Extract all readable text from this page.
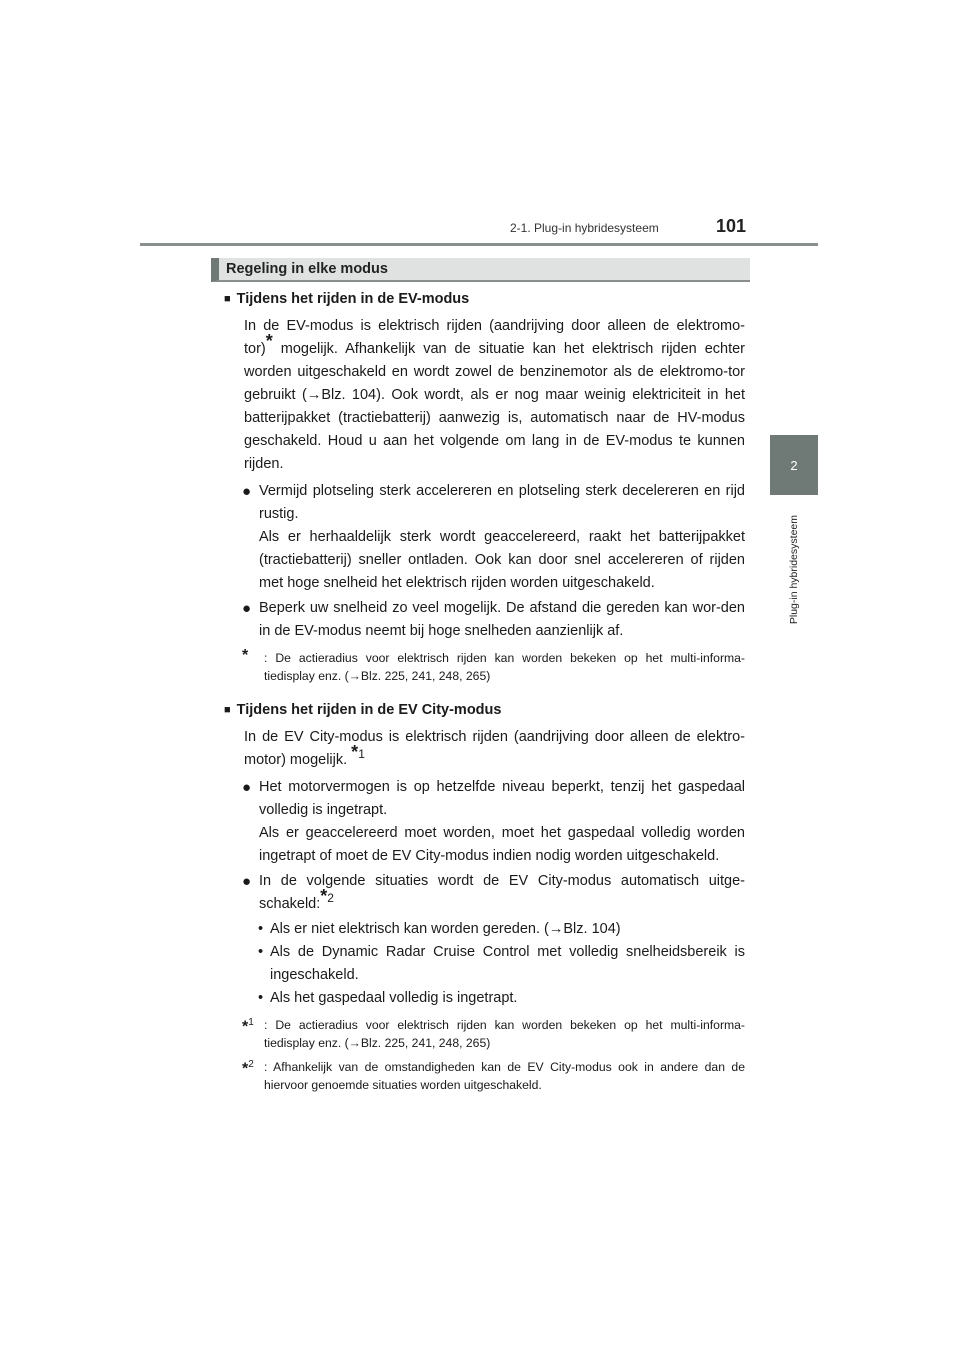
2-1. Plug-in hybridesysteem	101
2
Plug-in hybridesysteem
Regeling in elke modus
■ Tijdens het rijden in de EV-modus

In de EV-modus is elektrisch rijden (aandrijving door alleen de elektromo- tor)* mogelijk. Afhankelijk van de situatie kan het elektrisch rijden echter worden uitgeschakeld en wordt zowel de benzinemotor als de elektromo-tor gebruikt (→Blz. 104). Ook wordt, als er nog maar weinig elektriciteit in het batterijpakket (tractiebatterij) aanwezig is, automatisch naar de HV-modus geschakeld. Houd u aan het volgende om lang in de EV-modus te kunnen rijden.

● Vermijd plotseling sterk accelereren en plotseling sterk decelereren en rijd rustig.
Als er herhaaldelijk sterk wordt geaccelereerd, raakt het batterijpakket (tractiebatterij) sneller ontladen. Ook kan door snel accelereren of rijden met hoge snelheid het elektrisch rijden worden uitgeschakeld.
● Beperk uw snelheid zo veel mogelijk. De afstand die gereden kan wor-den in de EV-modus neemt bij hoge snelheden aanzienlijk af.
* : De actieradius voor elektrisch rijden kan worden bekeken op het multi-informa-tiedisplay enz. (→Blz. 225, 241, 248, 265)
■ Tijdens het rijden in de EV City-modus

In de EV City-modus is elektrisch rijden (aandrijving door alleen de elektro-motor) mogelijk. $^{*1}$

● Het motorvermogen is op hetzelfde niveau beperkt, tenzij het gaspedaal volledig is ingetrapt.
Als er geaccelereerd moet worden, moet het gaspedaal volledig worden ingetrapt of moet de EV City-modus indien nodig worden uitgeschakeld.
● In de volgende situaties wordt de EV City-modus automatisch uitge-schakeld:$^{*2}$
• Als er niet elektrisch kan worden gereden. (→Blz. 104)
• Als de Dynamic Radar Cruise Control met volledig snelheidsbereik is ingeschakeld.
• Als het gaspedaal volledig is ingetrapt.
*$^1$ : De actieradius voor elektrisch rijden kan worden bekeken op het multi-informa-tiedisplay enz. (→Blz. 225, 241, 248, 265)
*$^2$ : Afhankelijk van de omstandigheden kan de EV City-modus ook in andere dan de hiervoor genoemde situaties worden uitgeschakeld.
